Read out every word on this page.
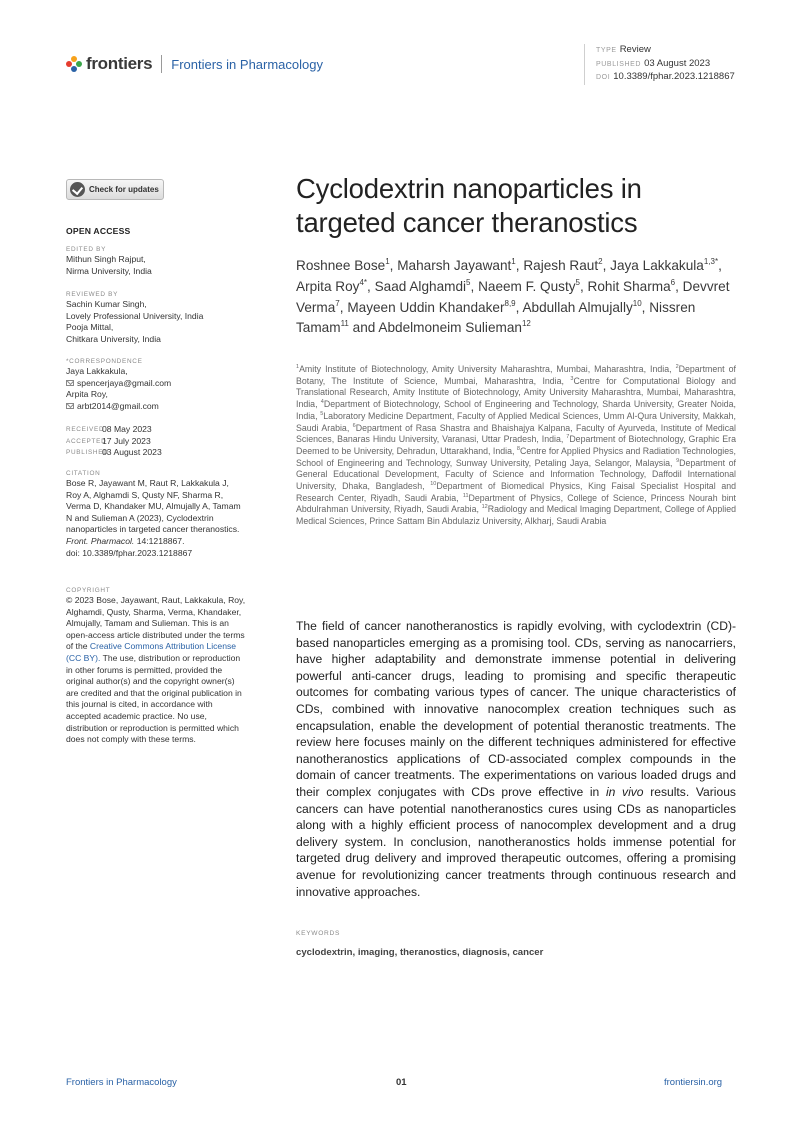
frontiers Frontiers in Pharmacology
TYPE Review
PUBLISHED 03 August 2023
DOI 10.3389/fphar.2023.1218867
Check for updates
OPEN ACCESS
EDITED BY
Mithun Singh Rajput,
Nirma University, India
REVIEWED BY
Sachin Kumar Singh,
Lovely Professional University, India
Pooja Mittal,
Chitkara University, India
*CORRESPONDENCE
Jaya Lakkakula,
spencerjaya@gmail.com
Arpita Roy,
arbt2014@gmail.com
RECEIVED
08 May 2023
ACCEPTED
17 July 2023
PUBLISHED
03 August 2023
CITATION
Bose R, Jayawant M, Raut R, Lakkakula J, Roy A, Alghamdi S, Qusty NF, Sharma R, Verma D, Khandaker MU, Almujally A, Tamam N and Sulieman A (2023), Cyclodextrin nanoparticles in targeted cancer theranostics.
Front. Pharmacol. 14:1218867.
doi: 10.3389/fphar.2023.1218867
COPYRIGHT
© 2023 Bose, Jayawant, Raut, Lakkakula, Roy, Alghamdi, Qusty, Sharma, Verma, Khandaker, Almujally, Tamam and Sulieman. This is an open-access article distributed under the terms of the Creative Commons Attribution License (CC BY). The use, distribution or reproduction in other forums is permitted, provided the original author(s) and the copyright owner(s) are credited and that the original publication in this journal is cited, in accordance with accepted academic practice. No use, distribution or reproduction is permitted which does not comply with these terms.
Cyclodextrin nanoparticles in targeted cancer theranostics
Roshnee Bose$^1$, Maharsh Jayawant$^1$, Rajesh Raut$^2$, Jaya Lakkakula$^{1,3*}$, Arpita Roy$^{4*}$, Saad Alghamdi$^5$, Naeem F. Qusty$^5$, Rohit Sharma$^6$, Devvret Verma$^7$, Mayeen Uddin Khandaker$^{8,9}$, Abdullah Almujally$^{10}$, Nissren Tamam$^{11}$ and Abdelmoneim Sulieman$^{12}$
$^1$Amity Institute of Biotechnology, Amity University Maharashtra, Mumbai, Maharashtra, India, $^2$Department of Botany, The Institute of Science, Mumbai, Maharashtra, India, $^3$Centre for Computational Biology and Translational Research, Amity Institute of Biotechnology, Amity University Maharashtra, Mumbai, Maharashtra, India, $^4$Department of Biotechnology, School of Engineering and Technology, Sharda University, Greater Noida, India, $^5$Laboratory Medicine Department, Faculty of Applied Medical Sciences, Umm Al-Qura University, Makkah, Saudi Arabia, $^6$Department of Rasa Shastra and Bhaishajya Kalpana, Faculty of Ayurveda, Institute of Medical Sciences, Banaras Hindu University, Varanasi, Uttar Pradesh, India, $^7$Department of Biotechnology, Graphic Era Deemed to be University, Dehradun, Uttarakhand, India, $^8$Centre for Applied Physics and Radiation Technologies, School of Engineering and Technology, Sunway University, Petaling Jaya, Selangor, Malaysia, $^9$Department of General Educational Development, Faculty of Science and Information Technology, Daffodil International University, Dhaka, Bangladesh, $^{10}$Department of Biomedical Physics, King Faisal Specialist Hospital and Research Center, Riyadh, Saudi Arabia, $^{11}$Department of Physics, College of Science, Princess Nourah bint Abdulrahman University, Riyadh, Saudi Arabia, $^{12}$Radiology and Medical Imaging Department, College of Applied Medical Sciences, Prince Sattam Bin Abdulaziz University, Alkharj, Saudi Arabia

The field of cancer nanotheranostics is rapidly evolving, with cyclodextrin (CD)-based nanoparticles emerging as a promising tool. CDs, serving as nanocarriers, have higher adaptability and demonstrate immense potential in delivering powerful anti-cancer drugs, leading to promising and specific therapeutic outcomes for combating various types of cancer. The unique characteristics of CDs, combined with innovative nanocomplex creation techniques such as encapsulation, enable the development of potential theranostic treatments. The review here focuses mainly on the different techniques administered for effective nanotheranostics applications of CD-associated complex compounds in the domain of cancer treatments. The experimentations on various loaded drugs and their complex conjugates with CDs prove effective in in vivo results. Various cancers can have potential nanotheranostics cures using CDs as nanoparticles along with a highly efficient process of nanocomplex development and a drug delivery system. In conclusion, nanotheranostics holds immense potential for targeted drug delivery and improved therapeutic outcomes, offering a promising avenue for revolutionizing cancer treatments through continuous research and innovative approaches.

KEYWORDS
cyclodextrin, imaging, theranostics, diagnosis, cancer
Frontiers in Pharmacology	01	frontiersin.org
